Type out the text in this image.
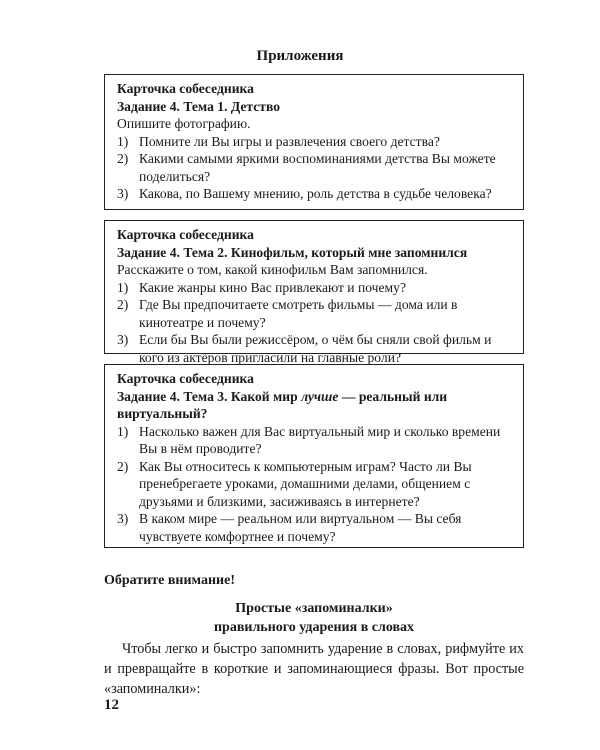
Приложения
Карточка собеседника
Задание 4. Тема 1. Детство
Опишите фотографию.
1) Помните ли Вы игры и развлечения своего детства?
2) Какими самыми яркими воспоминаниями детства Вы можете поделиться?
3) Какова, по Вашему мнению, роль детства в судьбе человека?
Карточка собеседника
Задание 4. Тема 2. Кинофильм, который мне запомнился
Расскажите о том, какой кинофильм Вам запомнился.
1) Какие жанры кино Вас привлекают и почему?
2) Где Вы предпочитаете смотреть фильмы — дома или в кинотеатре и почему?
3) Если бы Вы были режиссёром, о чём бы сняли свой фильм и кого из актёров пригласили на главные роли?
Карточка собеседника
Задание 4. Тема 3. Какой мир лучше — реальный или виртуальный?
1) Насколько важен для Вас виртуальный мир и сколько времени Вы в нём проводите?
2) Как Вы относитесь к компьютерным играм? Часто ли Вы пренебрегаете уроками, домашними делами, общением с друзьями и близкими, засиживаясь в интернете?
3) В каком мире — реальном или виртуальном — Вы себя чувствуете комфортнее и почему?
Обратите внимание!
Простые «запоминалки»
правильного ударения в словах
Чтобы легко и быстро запомнить ударение в словах, рифмуйте их и превращайте в короткие и запоминающиеся фразы. Вот простые «запоминалки»:
12
